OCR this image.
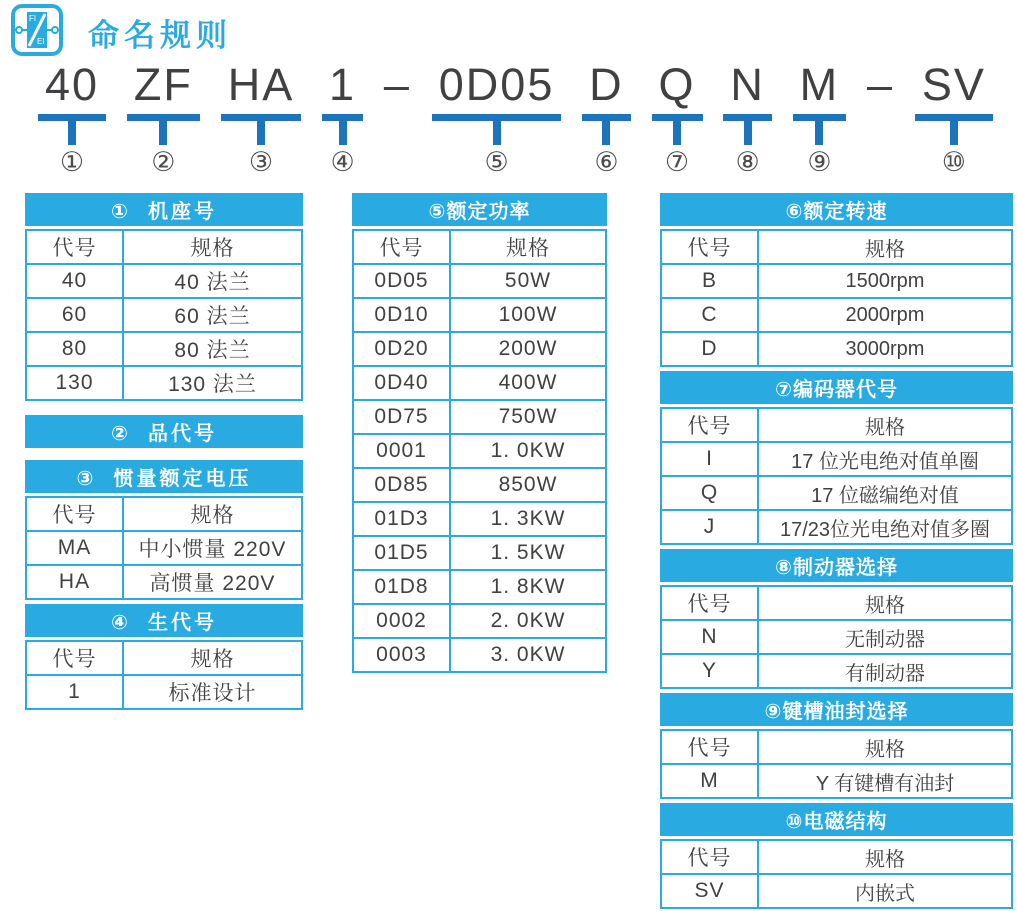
FI
EI 命名规则
40
①
ZF
②
HA
③
1
④
– 0D05
⑤
D
⑥
Q
⑦
N
⑧
M
⑨
– SV
⑩
①  机座号
代号	规格
40	40 法兰
60	60 法兰
80	80 法兰
130	130 法兰
②  品代号
③  惯量额定电压
代号	规格
MA	中小惯量 220V
HA	高惯量 220V
④  生代号
代号	规格
1	标准设计
⑤额定功率
代号	规格
0D05	50W
0D10	100W
0D20	200W
0D40	400W
0D75	750W
0001	1. 0KW
0D85	850W
01D3	1. 3KW
01D5	1. 5KW
01D8	1. 8KW
0002	2. 0KW
0003	3. 0KW
⑥额定转速
代号	规格
B	1500rpm
C	2000rpm
D	3000rpm
⑦编码器代号
代号	规格
I	17 位光电绝对值单圈
Q	17 位磁编绝对值
J	17/23位光电绝对值多圈
⑧制动器选择
代号	规格
N	无制动器
Y	有制动器
⑨键槽油封选择
代号	规格
M	Y 有键槽有油封
⑩电磁结构
代号	规格
SV	内嵌式
